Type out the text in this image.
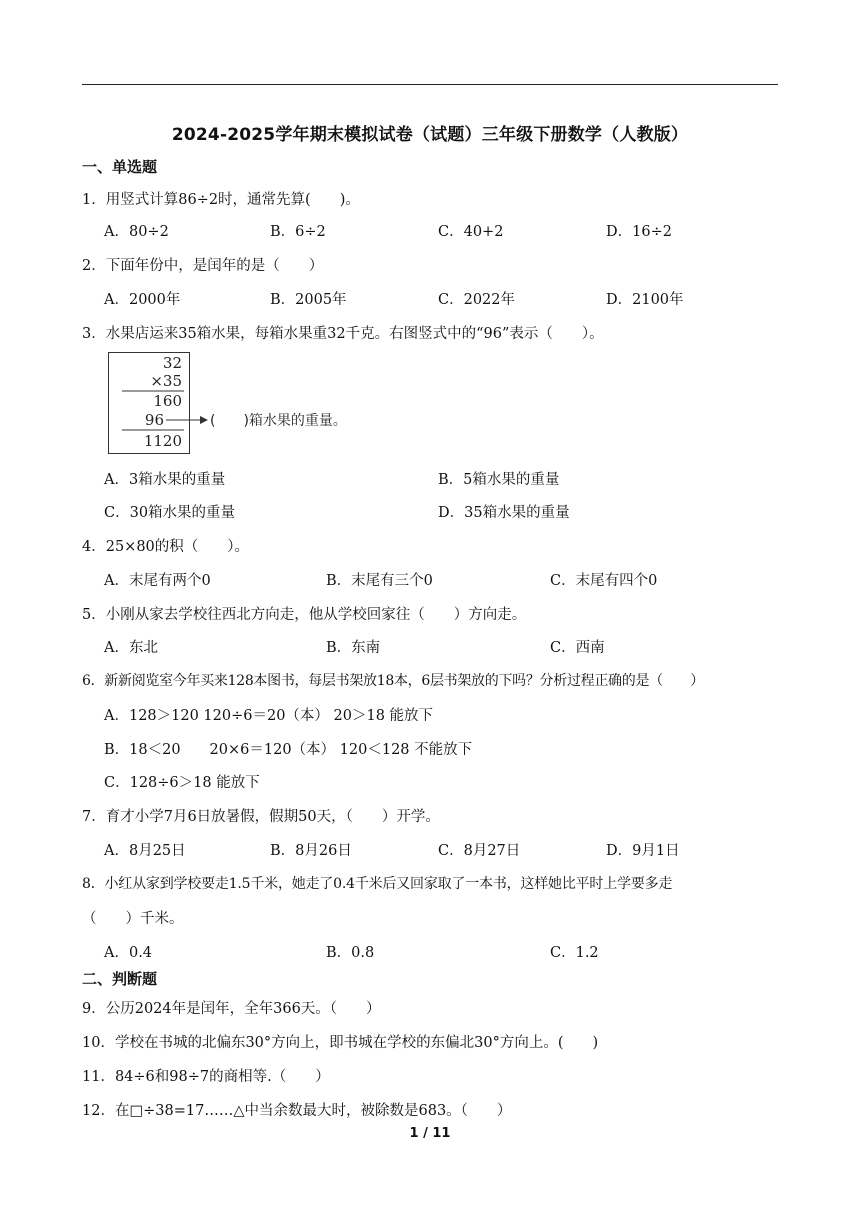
2024-2025学年期末模拟试卷（试题）三年级下册数学（人教版）
一、单选题
1．用竖式计算86÷2时，通常先算(　　)。
A．80÷2	B．6÷2	C．40+2	D．16÷2
2．下面年份中，是闰年的是（　　）
A．2000年	B．2005年	C．2022年	D．2100年
3．水果店运来35箱水果，每箱水果重32千克。右图竖式中的“96”表示（　　）。
32
×35
160
96
1120
(　　)箱水果的重量。
A．3箱水果的重量	B．5箱水果的重量
C．30箱水果的重量	D．35箱水果的重量
4．25×80的积（　　）。
A．末尾有两个0	B．末尾有三个0	C．末尾有四个0
5．小刚从家去学校往西北方向走，他从学校回家往（　　）方向走。
A．东北	B．东南	C．西南
6．新新阅览室今年买来128本图书，每层书架放18本，6层书架放的下吗？分析过程正确的是（　　）
A．128＞120 120÷6＝20（本） 20＞18 能放下
B．18＜20　　20×6＝120（本） 120＜128 不能放下
C．128÷6＞18 能放下
7．育才小学7月6日放暑假，假期50天，（　　）开学。
A．8月25日	B．8月26日	C．8月27日	D．9月1日
8．小红从家到学校要走1.5千米，她走了0.4千米后又回家取了一本书，这样她比平时上学要多走
（　　）千米。
A．0.4	B．0.8	C．1.2
二、判断题
9．公历2024年是闰年，全年366天。（　　）
10．学校在书城的北偏东30°方向上，即书城在学校的东偏北30°方向上。(　　)
11．84÷6和98÷7的商相等.（　　）
12．在□÷38=17……△中当余数最大时，被除数是683。（　　）
1 / 11
